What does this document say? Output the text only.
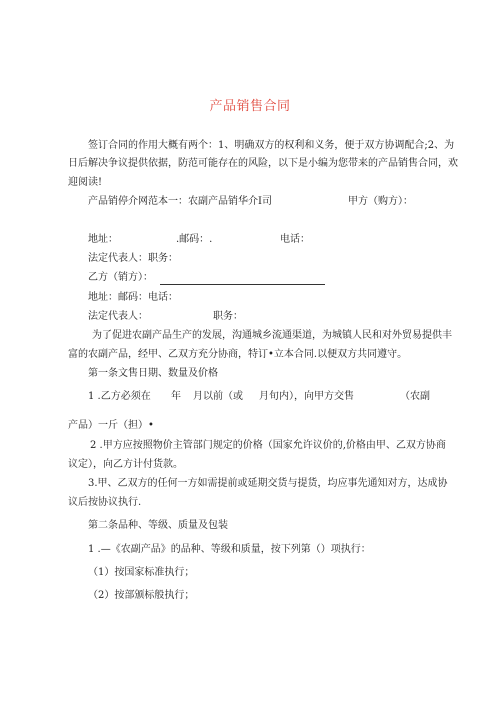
产品销售合同
签订合同的作用大概有两个：1、明确双方的权利和义务，便于双方协调配合;2、为
日后解决争议提供依据，防范可能存在的风险，以下是小编为您带来的产品销售合同，欢
迎阅读!
产品销停介网范本一：农副产品销华介I司	甲方（购方）：
地址：	.邮码：.	电话：
法定代表人：职务：
乙方（销方）：
地址：邮码：电话：
法定代表人：	职务：
为了促进农副产品生产的发展，沟通城乡流通渠道，为城镇人民和对外贸易提供丰
富的农副产品，经甲、乙双方充分协商，特订•立本合同.以便双方共同遵守。
第一条文售日期、数量及价格
1 .乙方必须在 年 月以前（或 月旬内），向甲方交售	（农副
产品）一斤（担）•
2 .甲方应按照物价主管部门规定的价格（国家允许议价的,价格由甲、乙双方协商
议定），向乙方计付货款。
3.甲、乙双方的任何一方如需提前或延期交货与提货，均应事先通知对方，达成协
议后按协议执行.
第二条品种、等级、质量及包装
1 .—《农副产品》的品种、等级和质量，按下列第（）项执行：
（1）按国家标准执行；
（2）按部颁标般执行；
